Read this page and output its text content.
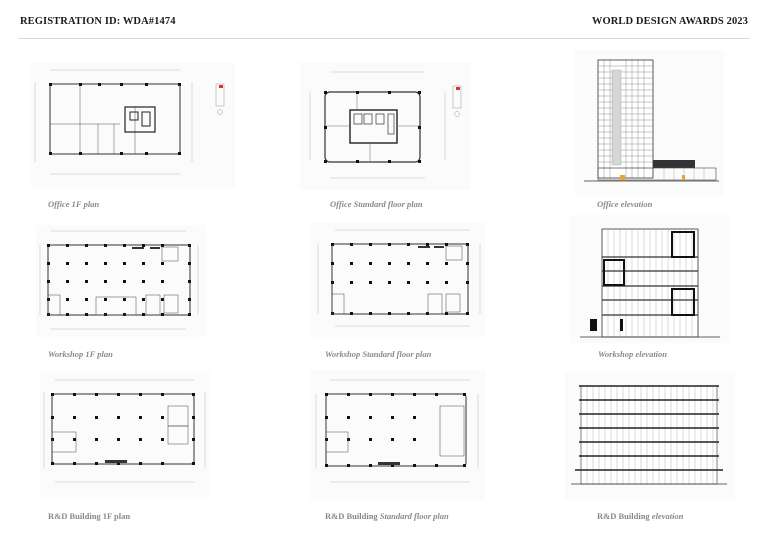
REGISTRATION ID: WDA#1474	WORLD DESIGN AWARDS 2023
Office 1F plan	Office Standard floor plan	Office elevation
Workshop 1F plan	Workshop Standard floor plan	Workshop elevation
R&D Building 1F plan	R&D Building Standard floor plan	R&D Building elevation
